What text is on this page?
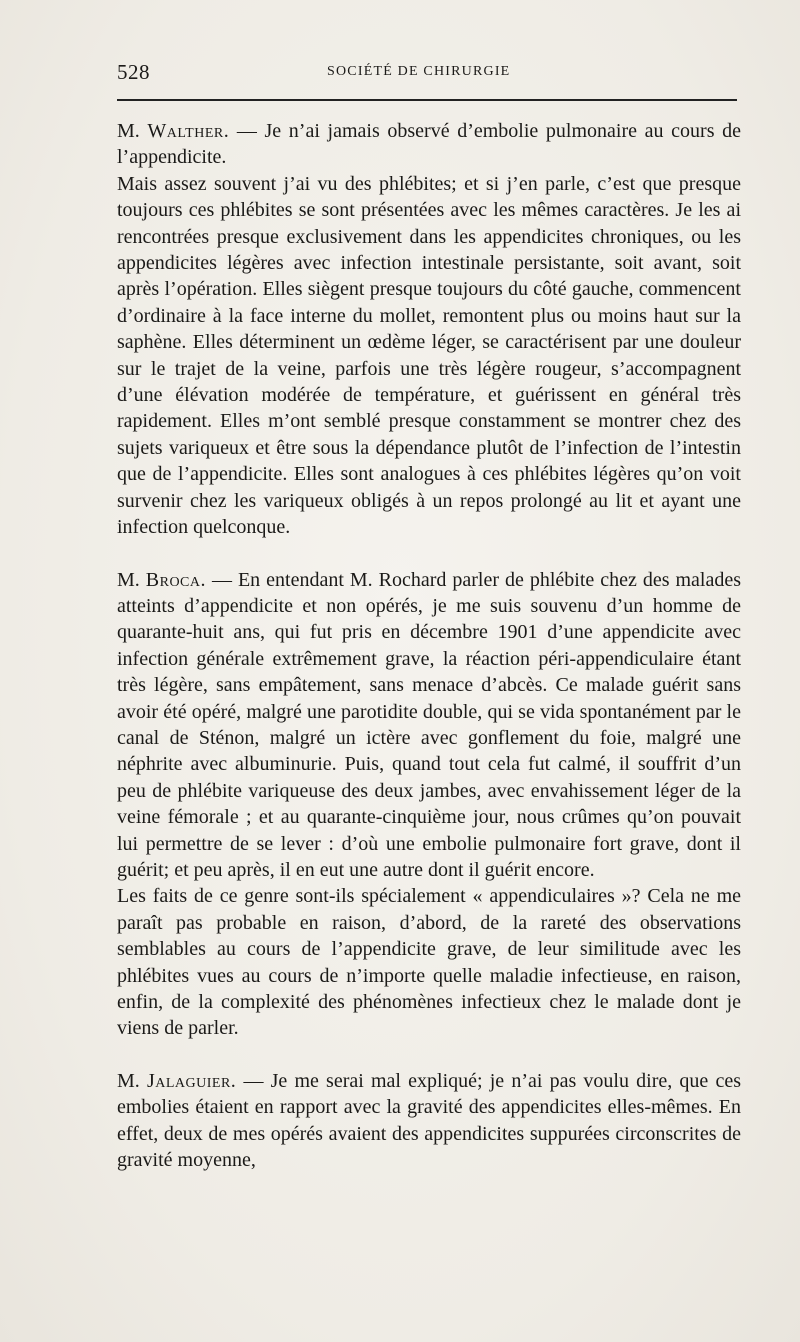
528	SOCIÉTÉ DE CHIRURGIE

M. Walther. — Je n’ai jamais observé d’embolie pulmonaire au cours de l’appendicite.

Mais assez souvent j’ai vu des phlébites; et si j’en parle, c’est que presque toujours ces phlébites se sont présentées avec les mêmes caractères. Je les ai rencontrées presque exclusivement dans les appendicites chroniques, ou les appendicites légères avec infection intestinale persistante, soit avant, soit après l’opération. Elles siègent presque toujours du côté gauche, commencent d’ordinaire à la face interne du mollet, remontent plus ou moins haut sur la saphène. Elles déterminent un œdème léger, se caractérisent par une douleur sur le trajet de la veine, parfois une très légère rougeur, s’accompagnent d’une élévation modérée de température, et guérissent en général très rapidement. Elles m’ont semblé presque constamment se montrer chez des sujets variqueux et être sous la dépendance plutôt de l’infection de l’intestin que de l’appendicite. Elles sont analogues à ces phlébites légères qu’on voit survenir chez les variqueux obligés à un repos prolongé au lit et ayant une infection quelconque.

M. Broca. — En entendant M. Rochard parler de phlébite chez des malades atteints d’appendicite et non opérés, je me suis souvenu d’un homme de quarante-huit ans, qui fut pris en décembre 1901 d’une appendicite avec infection générale extrêmement grave, la réaction péri-appendiculaire étant très légère, sans empâtement, sans menace d’abcès. Ce malade guérit sans avoir été opéré, malgré une parotidite double, qui se vida spontanément par le canal de Sténon, malgré un ictère avec gonflement du foie, malgré une néphrite avec albuminurie. Puis, quand tout cela fut calmé, il souffrit d’un peu de phlébite variqueuse des deux jambes, avec envahissement léger de la veine fémorale ; et au quarante-cinquième jour, nous crûmes qu’on pouvait lui permettre de se lever : d’où une embolie pulmonaire fort grave, dont il guérit; et peu après, il en eut une autre dont il guérit encore.

Les faits de ce genre sont-ils spécialement « appendiculaires »? Cela ne me paraît pas probable en raison, d’abord, de la rareté des observations semblables au cours de l’appendicite grave, de leur similitude avec les phlébites vues au cours de n’importe quelle maladie infectieuse, en raison, enfin, de la complexité des phénomènes infectieux chez le malade dont je viens de parler.

M. Jalaguier. — Je me serai mal expliqué; je n’ai pas voulu dire, que ces embolies étaient en rapport avec la gravité des appendicites elles-mêmes. En effet, deux de mes opérés avaient des appendicites suppurées circonscrites de gravité moyenne,
